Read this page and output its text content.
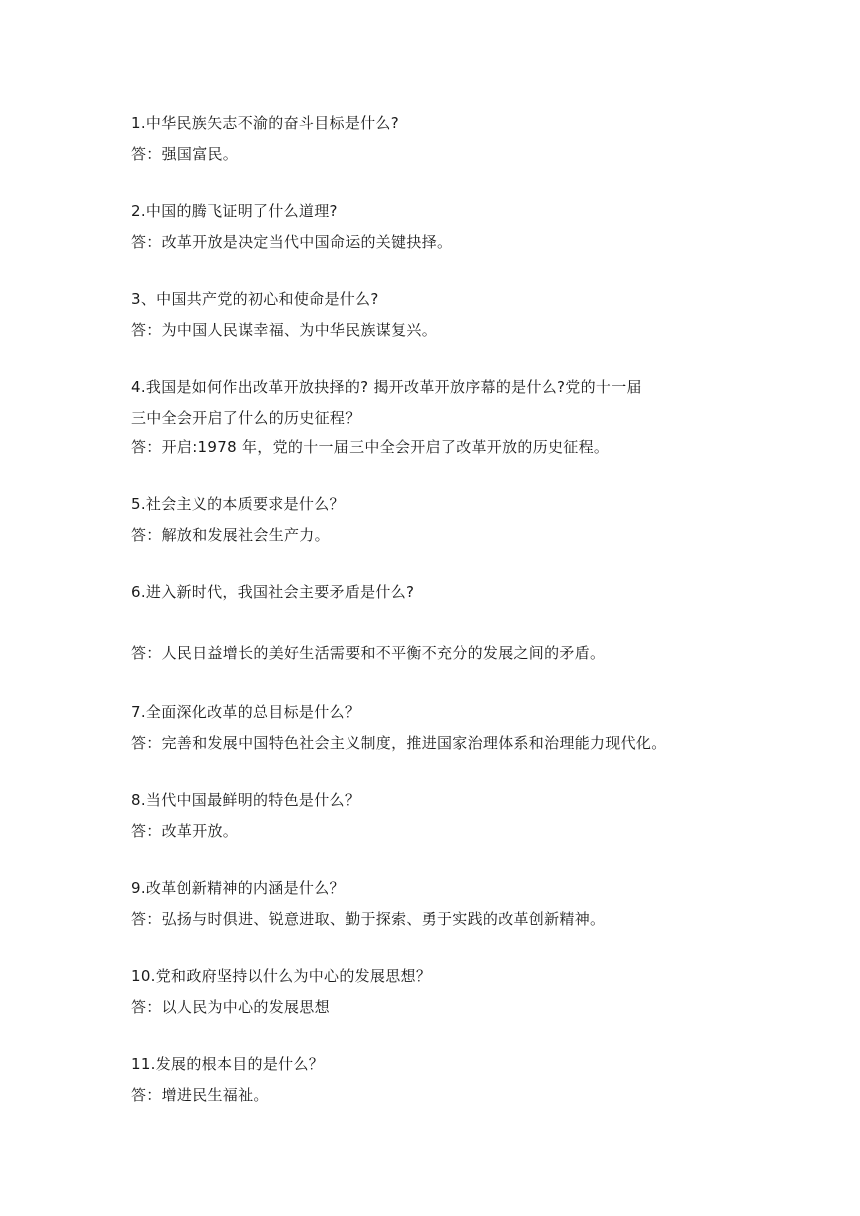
1.中华民族矢志不渝的奋斗目标是什么?
答：强国富民。
2.中国的腾飞证明了什么道理?
答：改革开放是决定当代中国命运的关键抉择。
3、中国共产党的初心和使命是什么?
答：为中国人民谋幸福、为中华民族谋复兴。
4.我国是如何作出改革开放抉择的? 揭开改革开放序幕的是什么?党的十一届
三中全会开启了什么的历史征程？
答：开启:1978 年，党的十一届三中全会开启了改革开放的历史征程。
5.社会主义的本质要求是什么？
答：解放和发展社会生产力。
6.进入新时代，我国社会主要矛盾是什么?
答：人民日益增长的美好生活需要和不平衡不充分的发展之间的矛盾。
7.全面深化改革的总目标是什么？
答：完善和发展中国特色社会主义制度，推进国家治理体系和治理能力现代化。
8.当代中国最鲜明的特色是什么？
答：改革开放。
9.改革创新精神的内涵是什么？
答：弘扬与时俱进、锐意进取、勤于探索、勇于实践的改革创新精神。
10.党和政府坚持以什么为中心的发展思想？
答：以人民为中心的发展思想
11.发展的根本目的是什么？
答：增进民生福祉。
